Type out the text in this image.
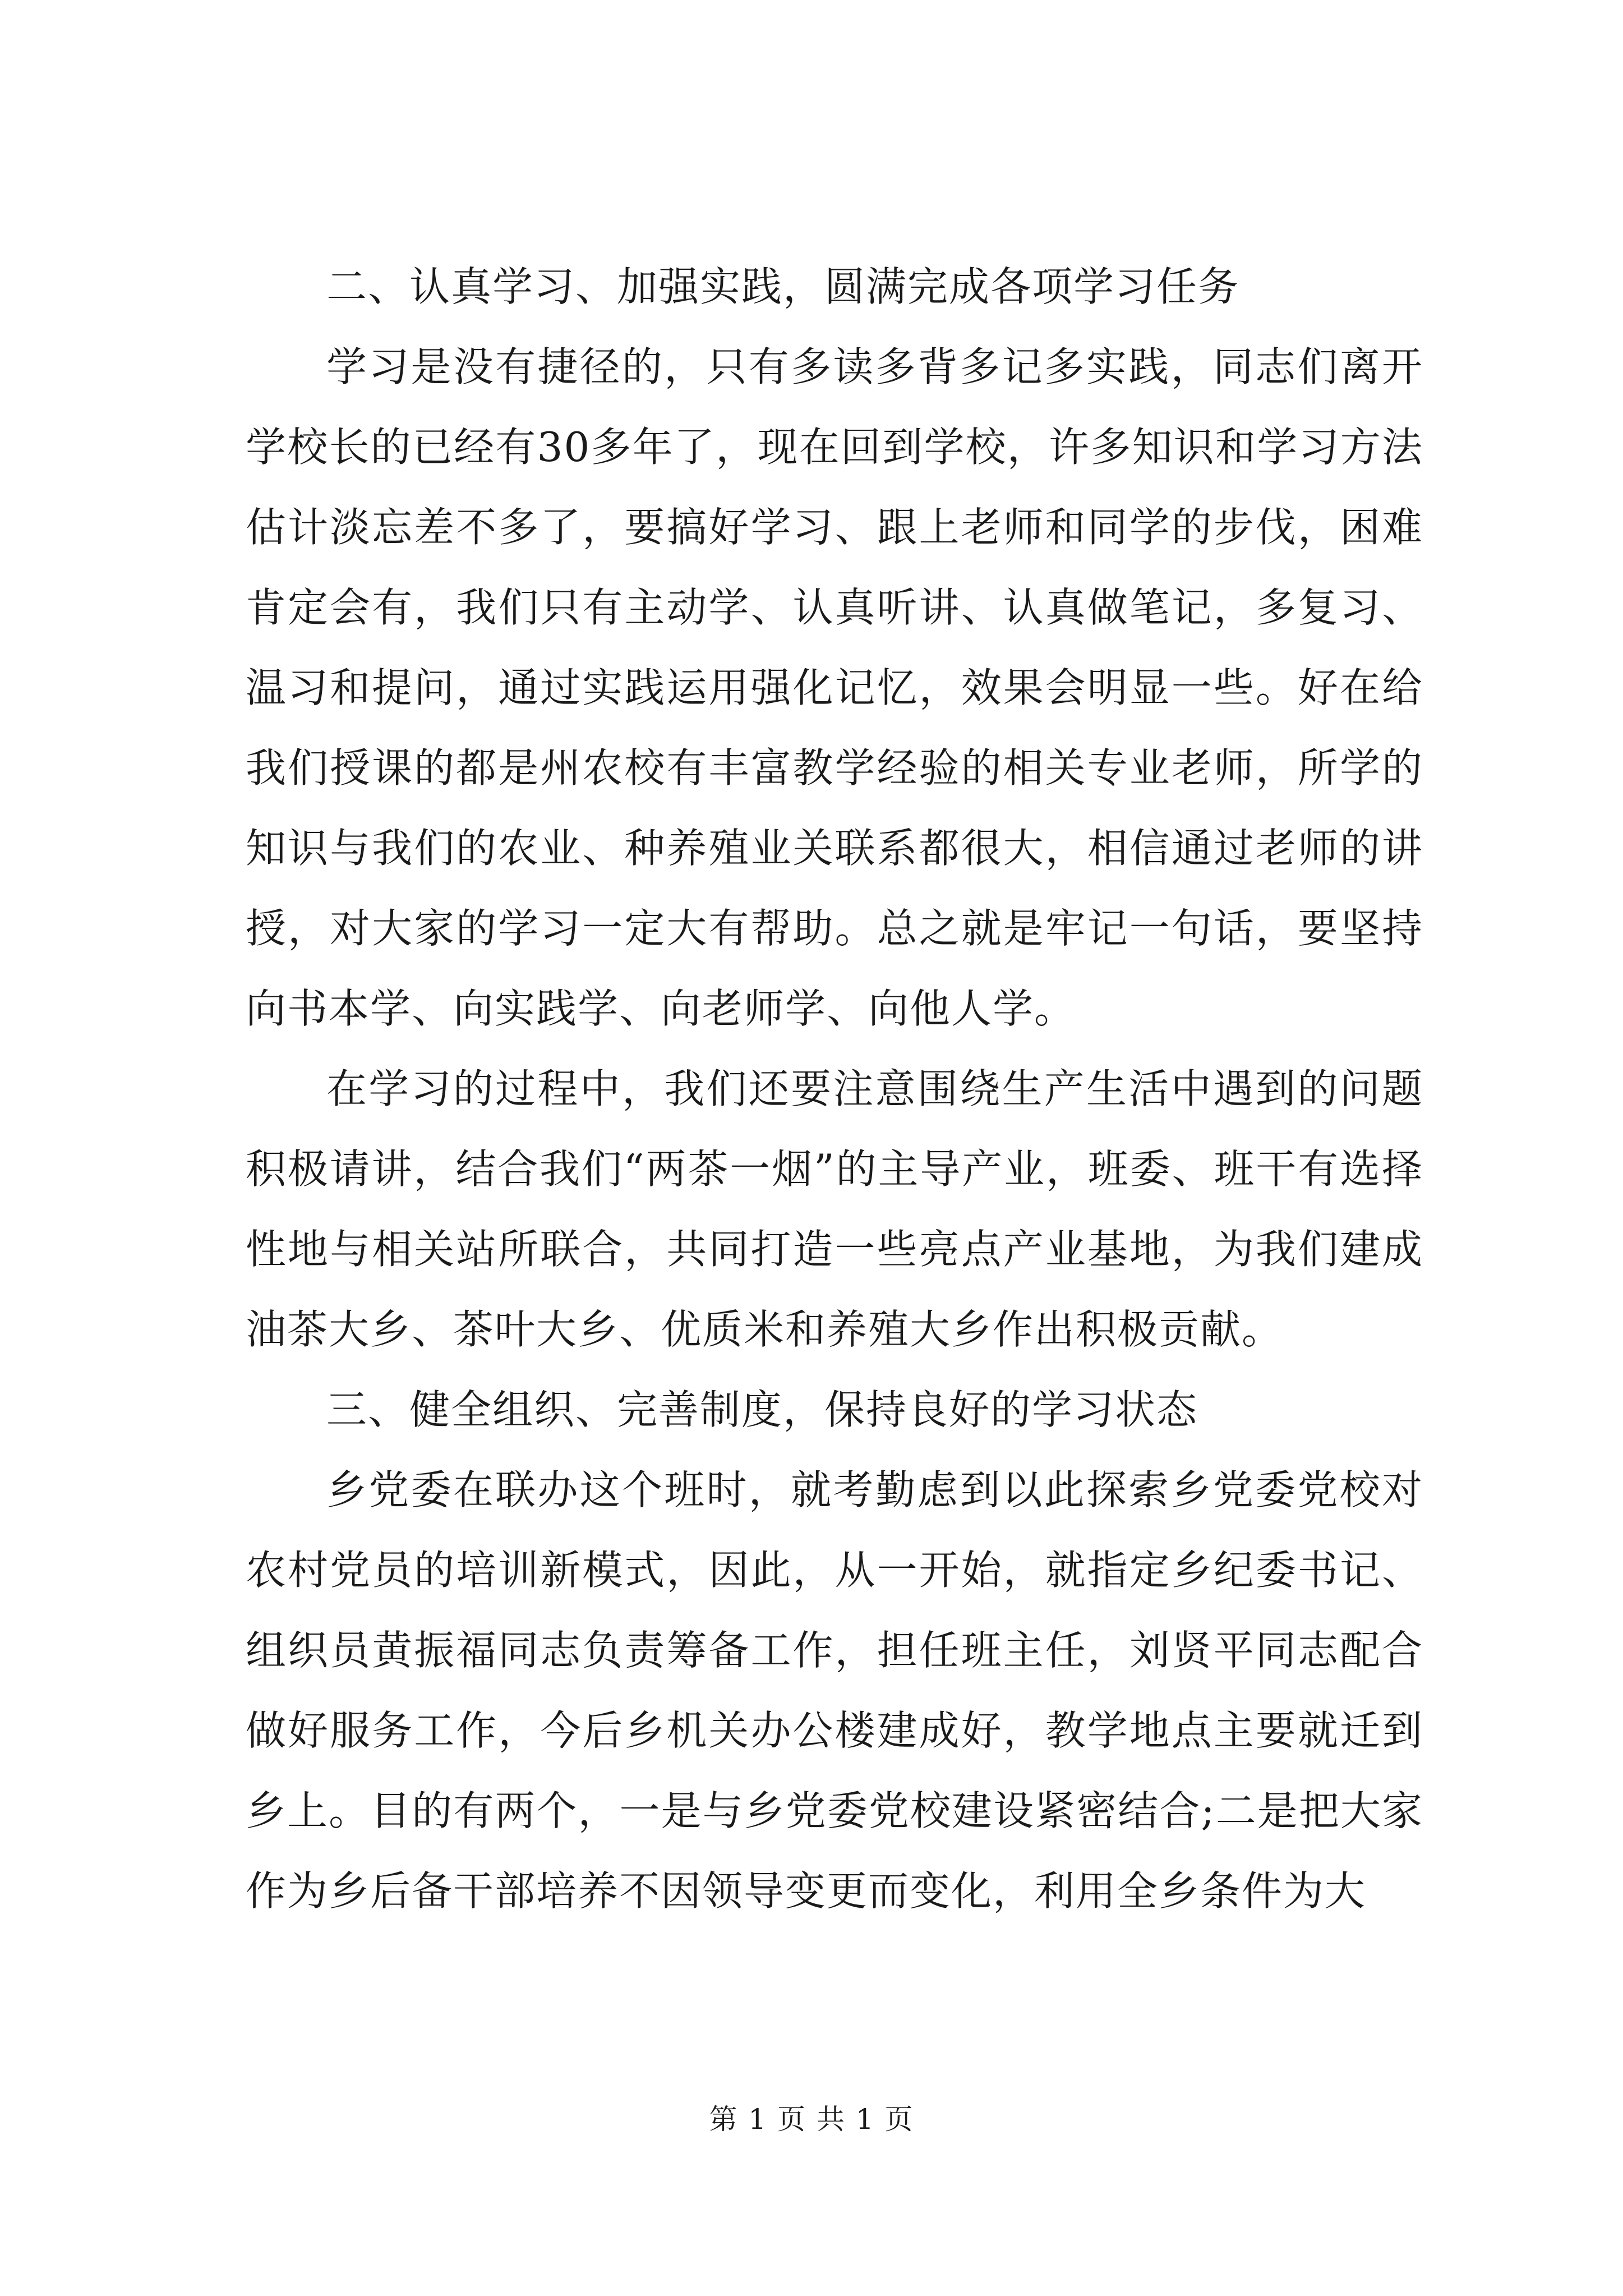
二、认真学习、加强实践，圆满完成各项学习任务

学习是没有捷径的，只有多读多背多记多实践，同志们离开学校长的已经有30多年了，现在回到学校，许多知识和学习方法估计淡忘差不多了，要搞好学习、跟上老师和同学的步伐，困难肯定会有，我们只有主动学、认真听讲、认真做笔记，多复习、温习和提问，通过实践运用强化记忆，效果会明显一些。好在给我们授课的都是州农校有丰富教学经验的相关专业老师，所学的知识与我们的农业、种养殖业关联系都很大，相信通过老师的讲授，对大家的学习一定大有帮助。总之就是牢记一句话，要坚持向书本学、向实践学、向老师学、向他人学。

在学习的过程中，我们还要注意围绕生产生活中遇到的问题积极请讲，结合我们“两茶一烟”的主导产业，班委、班干有选择性地与相关站所联合，共同打造一些亮点产业基地，为我们建成油茶大乡、茶叶大乡、优质米和养殖大乡作出积极贡献。

三、健全组织、完善制度，保持良好的学习状态

乡党委在联办这个班时，就考勤虑到以此探索乡党委党校对农村党员的培训新模式，因此，从一开始，就指定乡纪委书记、组织员黄振福同志负责筹备工作，担任班主任，刘贤平同志配合做好服务工作，今后乡机关办公楼建成好，教学地点主要就迁到乡上。目的有两个，一是与乡党委党校建设紧密结合;二是把大家作为乡后备干部培养不因领导变更而变化，利用全乡条件为大

第 1 页 共 1 页
